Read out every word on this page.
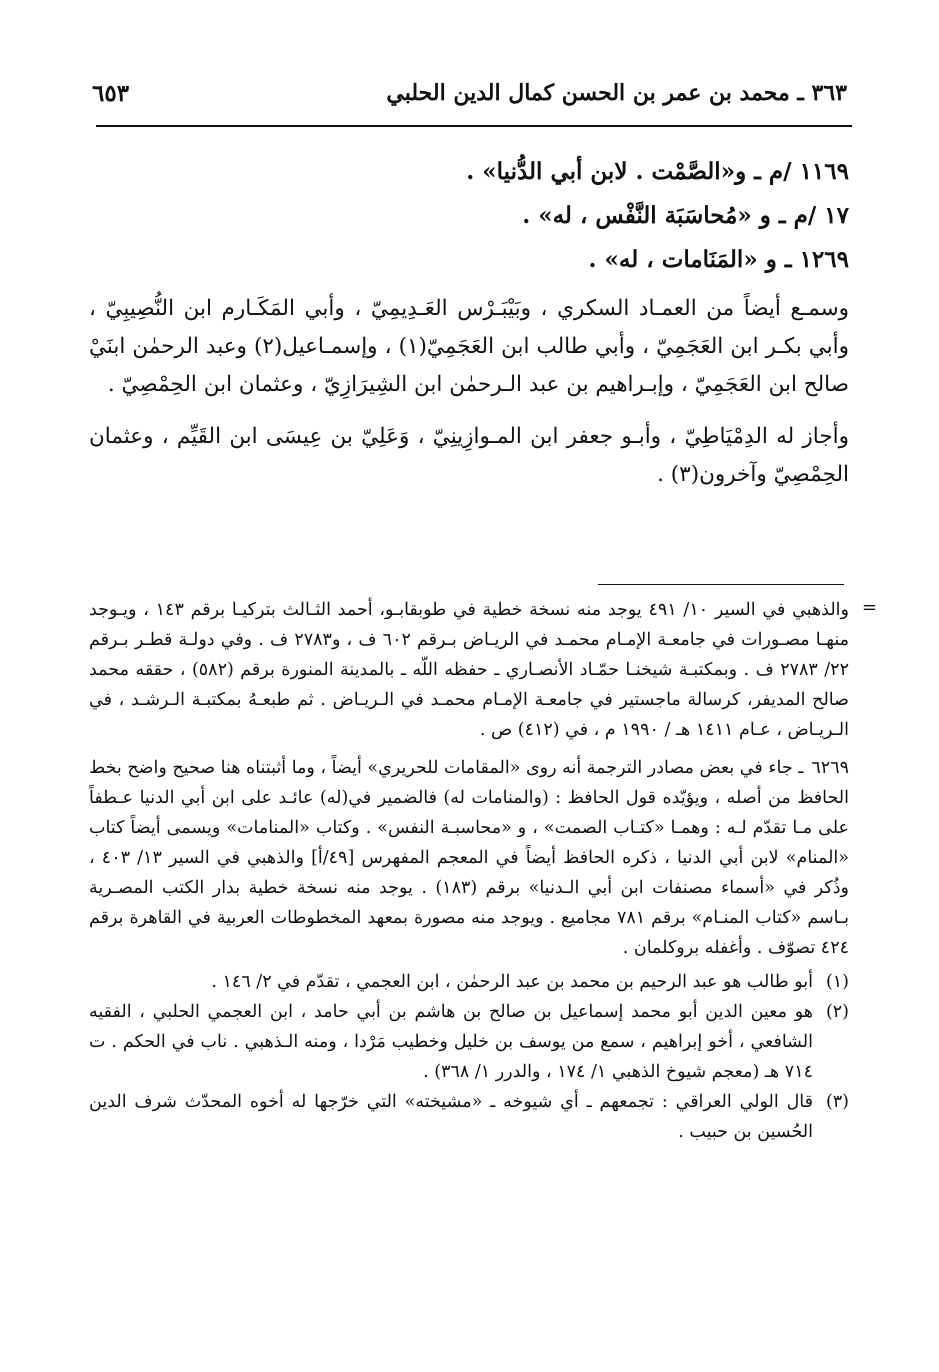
٣٦٣ ـ محمد بن عمر بن الحسن كمال الدين الحلبي
٦٥٣
١١٦٩ /م ـ و«الصَّمْت . لابن أبي الدُّنيا» .
١٧ /م ـ و «مُحاسَبَة النَّفْس ، له» .
١٢٦٩ ـ و «المَنَامات ، له» .

وسمـع أيضاً من العمـاد السكري ، وبَيْبَـرْس العَـدِيمِيّ ، وأبي المَكَـارم ابن النُّصِيبِيّ ، وأبي بكـر ابن العَجَمِيّ ، وأبي طالب ابن العَجَمِيّ(١) ، وإسمـاعيل(٢) وعبد الرحمٰن ابنَيْ صالح ابن العَجَمِيّ ، وإبـراهيم بن عبد الـرحمٰن ابن الشِيرَازِيّ ، وعثمان ابن الحِمْصِيّ .

وأجاز له الدِمْيَاطِيّ ، وأبـو جعفر ابن المـوازِينِيّ ، وَعَلِيّ بن عِيسَى ابن القَيِّم ، وعثمان الحِمْصِيّ وآخرون(٣) .

=

والذهبي في السير ١٠/ ٤٩١ يوجد منه نسخة خطية في طوبقابـو، أحمد الثـالث بتركيـا برقم ١٤٣ ، ويـوجد منهـا مصـورات في جامعـة الإمـام محمـد في الريـاض بـرقم ٦٠٢ ف ، و٢٧٨٣ ف . وفي دولـة قطـر بـرقم ٢٢/ ٢٧٨٣ ف . وبمكتبـة شيخنـا حمّـاد الأنصـاري ـ حفظه اللّه ـ بالمدينة المنورة برقم (٥٨٢) ، حققه محمد صالح المديفر، كرسالة ماجستير في جامعـة الإمـام محمـد في الـريـاض . ثم طبعـهُ بمكتبـة الـرشـد ، في الـريـاض ، عـام ١٤١١ هـ / ١٩٩٠ م ، في (٤١٢) ص .

٦٢٦٩ـ جاء في بعض مصادر الترجمة أنه روى «المقامات للحريري» أيضاً ، وما أثبتناه هنا صحيح واضح بخط الحافظ من أصله ، ويؤيّده قول الحافظ : (والمنامات له) فالضمير في(له) عائـد على ابن أبي الدنيا عـطفاً على مـا تقدّم لـه : وهمـا «كتـاب الصمت» ، و «محاسبـة النفس» . وكتاب «المنامات» ويسمى أيضاً كتاب «المنام» لابن أبي الدنيا ، ذكره الحافظ أيضاً في المعجم المفهرس [٤٩/أ] والذهبي في السير ١٣/ ٤٠٣ ، وذُكر في «أسماء مصنفات ابن أبي الـدنيا» برقم (١٨٣) . يوجد منه نسخة خطية بدار الكتب المصـرية بـاسم «كتاب المنـام» برقم ٧٨١ مجاميع . ويوجد منه مصورة بمعهد المخطوطات العربية في القاهرة برقم ٤٢٤ تصوّف . وأغفله بروكلمان .

(١)
أبو طالب هو عبد الرحيم بن محمد بن عبد الرحمٰن ، ابن العجمي ، تقدّم في ٢/ ١٤٦ .

(٢)
هو معين الدين أبو محمد إسماعيل بن صالح بن هاشم بن أبي حامد ، ابن العجمي الحلبي ، الفقيه الشافعي ، أخو إبراهيم ، سمع من يوسف بن خليل وخطيب مَرْدا ، ومنه الـذهبي . ناب في الحكم . ت ٧١٤ هـ (معجم شيوخ الذهبي ١/ ١٧٤ ، والدرر ١/ ٣٦٨) .

(٣)
قال الولي العراقي : تجمعهم ـ أي شيوخه ـ «مشيخته» التي خرّجها له أخوه المحدّث شرف الدين الحُسين بن حبيب .
